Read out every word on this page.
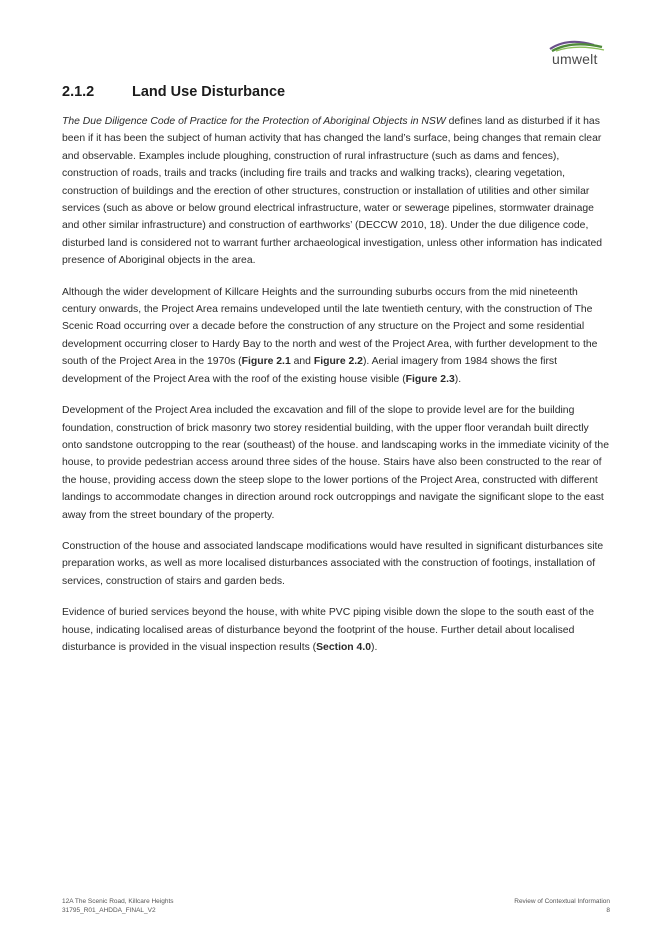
umwelt
2.1.2	Land Use Disturbance

The Due Diligence Code of Practice for the Protection of Aboriginal Objects in NSW defines land as disturbed if it has been if it has been the subject of human activity that has changed the land’s surface, being changes that remain clear and observable. Examples include ploughing, construction of rural infrastructure (such as dams and fences), construction of roads, trails and tracks (including fire trails and tracks and walking tracks), clearing vegetation, construction of buildings and the erection of other structures, construction or installation of utilities and other similar services (such as above or below ground electrical infrastructure, water or sewerage pipelines, stormwater drainage and other similar infrastructure) and construction of earthworks’ (DECCW 2010, 18). Under the due diligence code, disturbed land is considered not to warrant further archaeological investigation, unless other information has indicated presence of Aboriginal objects in the area.

Although the wider development of Killcare Heights and the surrounding suburbs occurs from the mid nineteenth century onwards, the Project Area remains undeveloped until the late twentieth century, with the construction of The Scenic Road occurring over a decade before the construction of any structure on the Project and some residential development occurring closer to Hardy Bay to the north and west of the Project Area, with further development to the south of the Project Area in the 1970s (Figure 2.1 and Figure 2.2). Aerial imagery from 1984 shows the first development of the Project Area with the roof of the existing house visible (Figure 2.3).

Development of the Project Area included the excavation and fill of the slope to provide level are for the building foundation, construction of brick masonry two storey residential building, with the upper floor verandah built directly onto sandstone outcropping to the rear (southeast) of the house. and landscaping works in the immediate vicinity of the house, to provide pedestrian access around three sides of the house. Stairs have also been constructed to the rear of the house, providing access down the steep slope to the lower portions of the Project Area, constructed with different landings to accommodate changes in direction around rock outcroppings and navigate the significant slope to the east away from the street boundary of the property.

Construction of the house and associated landscape modifications would have resulted in significant disturbances site preparation works, as well as more localised disturbances associated with the construction of footings, installation of services, construction of stairs and garden beds.

Evidence of buried services beyond the house, with white PVC piping visible down the slope to the south east of the house, indicating localised areas of disturbance beyond the footprint of the house. Further detail about localised disturbance is provided in the visual inspection results (Section 4.0).

12A The Scenic Road, Killcare Heights
31795_R01_AHDDA_FINAL_V2
Review of Contextual Information
8
